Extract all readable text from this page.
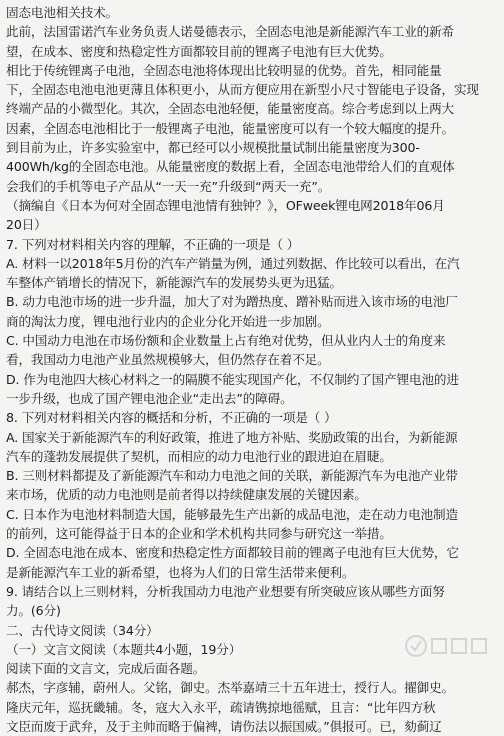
固态电池相关技术。
此前，法国雷诺汽车业务负责人诺曼德表示，全固态电池是新能源汽车工业的新希
望，在成本、密度和热稳定性方面都较目前的锂离子电池有巨大优势。
相比于传统锂离子电池，全固态电池将体现出比较明显的优势。首先，相同能量
下，全固态电池电池更薄且体积更小，从而方便应用在新型小尺寸智能电子设备，实现
终端产品的小微型化。其次，全固态电池轻便，能量密度高。综合考虑到以上两大
因素，全固态电池相比于一般锂离子电池，能量密度可以有一个较大幅度的提升。
到目前为止，许多实验室中，都已经可以小规模批量试制出能量密度为300-
400Wh/kg的全固态电池。从能量密度的数据上看，全固态电池带给人们的直观体
会我们的手机等电子产品从“一天一充”升级到“两天一充”。
（摘编自《日本为何对全固态锂电池情有独钟？》，OFweek锂电网2018年06月
20日）
7. 下列对材料相关内容的理解，不正确的一项是（ ）
A. 材料一以2018年5月份的汽车产销量为例，通过列数据、作比较可以看出，在汽
车整体产销增长的情况下，新能源汽车的发展势头更为迅猛。
B. 动力电池市场的进一步升温，加大了对为蹭热度、蹭补贴而进入该市场的电池厂
商的淘汰力度，锂电池行业内的企业分化开始进一步加剧。
C. 中国动力电池在市场份额和企业数量上占有绝对优势，但从业内人士的角度来
看，我国动力电池产业虽然规模够大，但仍然存在着不足。
D. 作为电池四大核心材料之一的隔膜不能实现国产化，不仅制约了国产锂电池的进
一步升级，也成了国产锂电池企业“走出去”的障碍。
8. 下列对材料相关内容的概括和分析，不正确的一项是（ ）
A. 国家关于新能源汽车的利好政策，推进了地方补贴、奖励政策的出台，为新能源
汽车的蓬勃发展提供了契机，而相应的动力电池行业的跟进迫在眉睫。
B. 三则材料都提及了新能源汽车和动力电池之间的关联，新能源汽车为电池产业带
来市场，优质的动力电池则是前者得以持续健康发展的关键因素。
C. 日本作为电池材料制造大国，能够最先生产出新的成品电池，走在动力电池制造
的前列，这可能得益于日本的企业和学术机构共同参与研究这一举措。
D. 全固态电池在成本、密度和热稳定性方面都较目前的锂离子电池有巨大优势，它
是新能源汽车工业的新希望，也将为人们的日常生活带来便利。
9. 请结合以上三则材料，分析我国动力电池产业想要有所突破应该从哪些方面努
力。(6分)
二、古代诗文阅读（34分）
（一）文言文阅读（本题共4小题，19分）
阅读下面的文言文，完成后面各题。
郝杰，字彦辅，蔚州人。父铭，御史。杰举嘉靖三十五年进士，授行人。擢御史。
隆庆元年，巡抚畿辅。冬，寇大入永平，疏请镌掠地徭赋，且言：“比年四方秋
文臣而废于武弁，及于主帅而略于偏裨，请伤法以振国威。”俱报可。已，劾蓟辽
